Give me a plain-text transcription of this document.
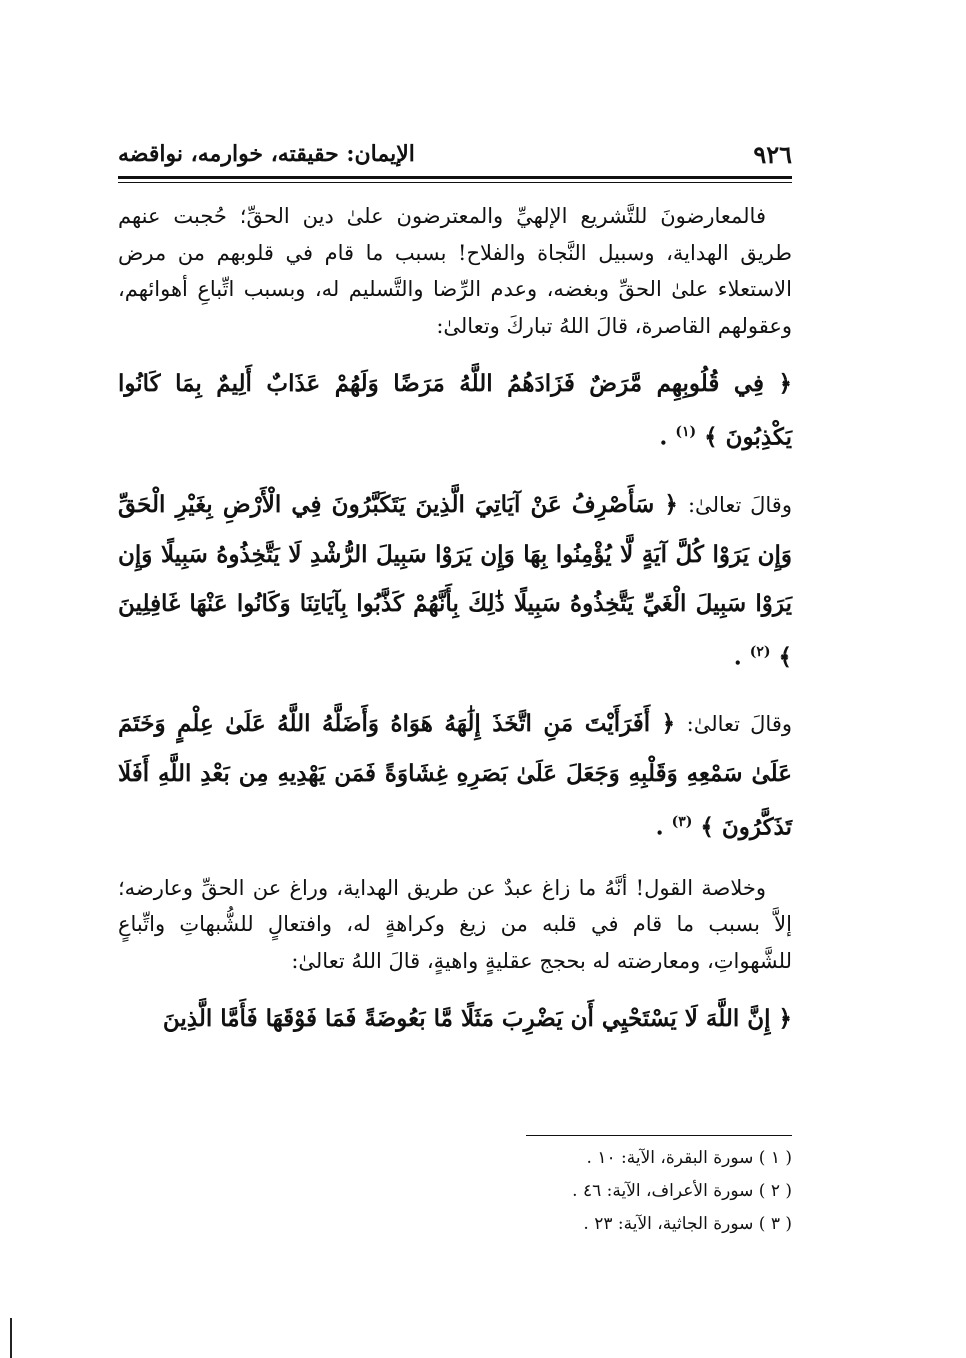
٩٢٦
الإيمان: حقيقته، خوارمه، نواقضه

فالمعارضونَ للتَّشريع الإلهيِّ والمعترضون علىٰ دين الحقِّ؛ حُجبت عنهم طريق الهداية، وسبيل النَّجاة والفلاح! بسبب ما قام في قلوبهم من مرض الاستعلاء علىٰ الحقِّ وبغضه، وعدم الرِّضا والتَّسليم له، وبسبب اتِّباعِ أهوائهم، وعقولهم القاصرة، قالَ اللهُ تباركَ وتعالىٰ:

﴿ فِي قُلُوبِهِم مَّرَضٌ فَزَادَهُمُ اللَّهُ مَرَضًا وَلَهُمْ عَذَابٌ أَلِيمٌ بِمَا كَانُوا يَكْذِبُونَ ﴾ $^{(١)}$ .

وقالَ تعالىٰ: ﴿ سَأَصْرِفُ عَنْ آيَاتِيَ الَّذِينَ يَتَكَبَّرُونَ فِي الْأَرْضِ بِغَيْرِ الْحَقِّ وَإِن يَرَوْا كُلَّ آيَةٍ لَّا يُؤْمِنُوا بِهَا وَإِن يَرَوْا سَبِيلَ الرُّشْدِ لَا يَتَّخِذُوهُ سَبِيلًا وَإِن يَرَوْا سَبِيلَ الْغَيِّ يَتَّخِذُوهُ سَبِيلًا ذَٰلِكَ بِأَنَّهُمْ كَذَّبُوا بِآيَاتِنَا وَكَانُوا عَنْهَا غَافِلِينَ ﴾ $^{(٢)}$ .

وقالَ تعالىٰ: ﴿ أَفَرَأَيْتَ مَنِ اتَّخَذَ إِلَٰهَهُ هَوَاهُ وَأَضَلَّهُ اللَّهُ عَلَىٰ عِلْمٍ وَخَتَمَ عَلَىٰ سَمْعِهِ وَقَلْبِهِ وَجَعَلَ عَلَىٰ بَصَرِهِ غِشَاوَةً فَمَن يَهْدِيهِ مِن بَعْدِ اللَّهِ أَفَلَا تَذَكَّرُونَ ﴾ $^{(٣)}$ .

وخلاصة القول! أنَّهُ ما زاغ عبدٌ عن طريق الهداية، وراغ عن الحقِّ وعارضه؛ إلاَّ بسبب ما قام في قلبه من زيغ وكراهةٍ له، وافتعالٍ للشُّبهاتِ واتِّباعٍ للشَّهواتِ، ومعارضته له بحجج عقليةٍ واهيةٍ، قالَ اللهُ تعالىٰ:

﴿ إِنَّ اللَّهَ لَا يَسْتَحْيِي أَن يَضْرِبَ مَثَلًا مَّا بَعُوضَةً فَمَا فَوْقَهَا فَأَمَّا الَّذِينَ

( ١ ) سورة البقرة، الآية: ١٠ .
( ٢ ) سورة الأعراف، الآية: ٤٦ .
( ٣ ) سورة الجاثية، الآية: ٢٣ .
